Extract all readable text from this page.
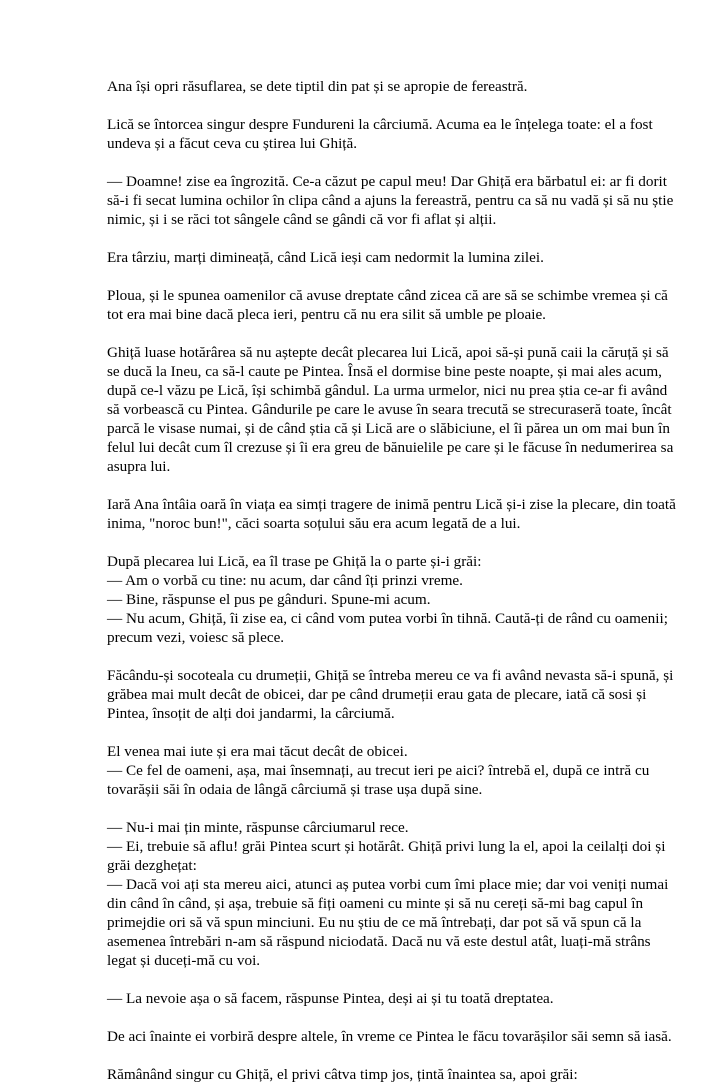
Ana își opri răsuflarea, se dete tiptil din pat și se apropie de fereastră.

Lică se întorcea singur despre Fundureni la cârciumă. Acuma ea le înțelega toate: el a fost undeva și a făcut ceva cu știrea lui Ghiță.

— Doamne! zise ea îngrozită. Ce-a căzut pe capul meu! Dar Ghiță era bărbatul ei: ar fi dorit să-i fi secat lumina ochilor în clipa când a ajuns la fereastră, pentru ca să nu vadă și să nu știe nimic, și i se răci tot sângele când se gândi că vor fi aflat și alții.

Era târziu, marți dimineață, când Lică ieși cam nedormit la lumina zilei.

Ploua, și le spunea oamenilor că avuse dreptate când zicea că are să se schimbe vremea și că tot era mai bine dacă pleca ieri, pentru că nu era silit să umble pe ploaie.

Ghiță luase hotărârea să nu aștepte decât plecarea lui Lică, apoi să-și pună caii la căruță și să se ducă la Ineu, ca să-l caute pe Pintea. Însă el dormise bine peste noapte, și mai ales acum, după ce-l văzu pe Lică, își schimbă gândul. La urma urmelor, nici nu prea știa ce-ar fi având să vorbească cu Pintea. Gândurile pe care le avuse în seara trecută se strecuraseră toate, încât parcă le visase numai, și de când știa că și Lică are o slăbiciune, el îi părea un om mai bun în felul lui decât cum îl crezuse și îi era greu de bănuielile pe care și le făcuse în nedumerirea sa asupra lui.

Iară Ana întâia oară în viața ea simți tragere de inimă pentru Lică și-i zise la plecare, din toată inima, "noroc bun!", căci soarta soțului său era acum legată de a lui.

După plecarea lui Lică, ea îl trase pe Ghiță la o parte și-i grăi:
— Am o vorbă cu tine: nu acum, dar când îți prinzi vreme.
— Bine, răspunse el pus pe gânduri. Spune-mi acum.
— Nu acum, Ghiță, îi zise ea, ci când vom putea vorbi în tihnă. Caută-ți de rând cu oamenii; precum vezi, voiesc să plece.

Făcându-și socoteala cu drumeții, Ghiță se întreba mereu ce va fi având nevasta să-i spună, și grăbea mai mult decât de obicei, dar pe când drumeții erau gata de plecare, iată că sosi și Pintea, însoțit de alți doi jandarmi, la cârciumă.

El venea mai iute și era mai tăcut decât de obicei.
— Ce fel de oameni, așa, mai însemnați, au trecut ieri pe aici? întrebă el, după ce intră cu tovarășii săi în odaia de lângă cârciumă și trase ușa după sine.

— Nu-i mai țin minte, răspunse cârciumarul rece.
— Ei, trebuie să aflu! grăi Pintea scurt și hotărât. Ghiță privi lung la el, apoi la ceilalți doi și grăi dezghețat:
— Dacă voi ați sta mereu aici, atunci aș putea vorbi cum îmi place mie; dar voi veniți numai din când în când, și așa, trebuie să fiți oameni cu minte și să nu cereți să-mi bag capul în primejdie ori să vă spun minciuni. Eu nu știu de ce mă întrebați, dar pot să vă spun că la asemenea întrebări n-am să răspund niciodată. Dacă nu vă este destul atât, luați-mă strâns legat și duceți-mă cu voi.

— La nevoie așa o să facem, răspunse Pintea, deși ai și tu toată dreptatea.

De aci înainte ei vorbiră despre altele, în vreme ce Pintea le făcu tovarășilor săi semn să iasă.

Rămânând singur cu Ghiță, el privi câtva timp jos, țintă înaintea sa, apoi grăi:
